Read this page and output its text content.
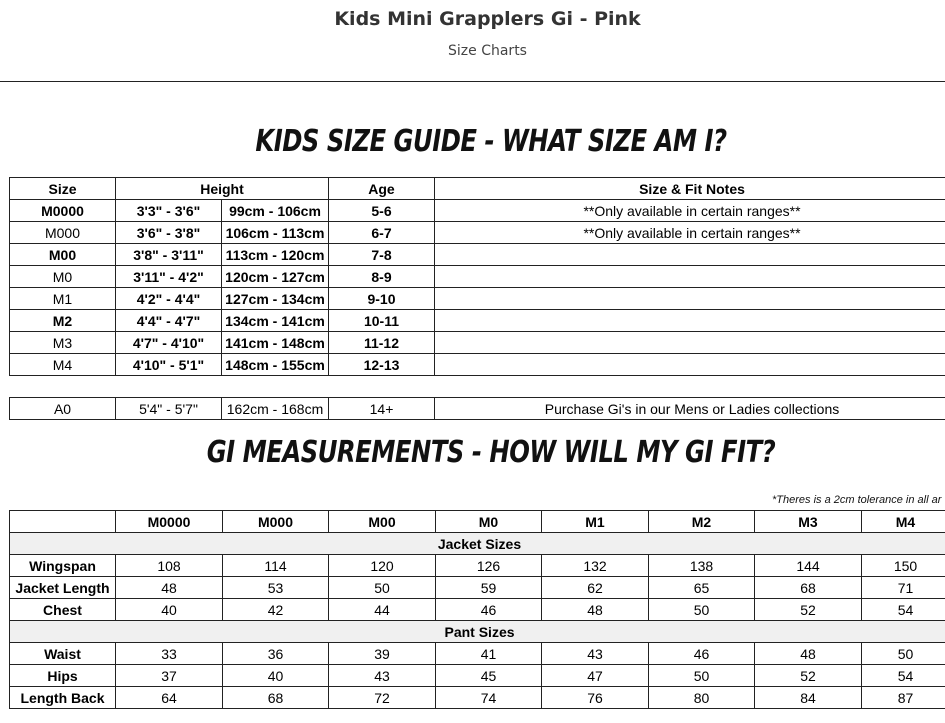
Kids Mini Grapplers Gi - Pink
Size Charts
KIDS SIZE GUIDE - WHAT SIZE AM I?
Size	Height		Age	Size & Fit Notes
M0000	3'3" - 3'6"	99cm - 106cm	5-6	**Only available in certain ranges**
M000	3'6" - 3'8"	106cm - 113cm	6-7	**Only available in certain ranges**
M00	3'8" - 3'11"	113cm - 120cm	7-8	
M0	3'11" - 4'2"	120cm - 127cm	8-9	
M1	4'2" - 4'4"	127cm - 134cm	9-10	
M2	4'4" - 4'7"	134cm - 141cm	10-11	
M3	4'7" - 4'10"	141cm - 148cm	11-12	
M4	4'10" - 5'1"	148cm - 155cm	12-13	
A0	5'4" - 5'7"	162cm - 168cm	14+	Purchase Gi's in our Mens or Ladies collections
GI MEASUREMENTS - HOW WILL MY GI FIT?
*Theres is a 2cm tolerance in all ar
	M0000	M000	M00	M0	M1	M2	M3	M4
Jacket Sizes								
Wingspan	108	114	120	126	132	138	144	150
Jacket Length	48	53	50	59	62	65	68	71
Chest	40	42	44	46	48	50	52	54
Pant Sizes								
Waist	33	36	39	41	43	46	48	50
Hips	37	40	43	45	47	50	52	54
Length Back	64	68	72	74	76	80	84	87
